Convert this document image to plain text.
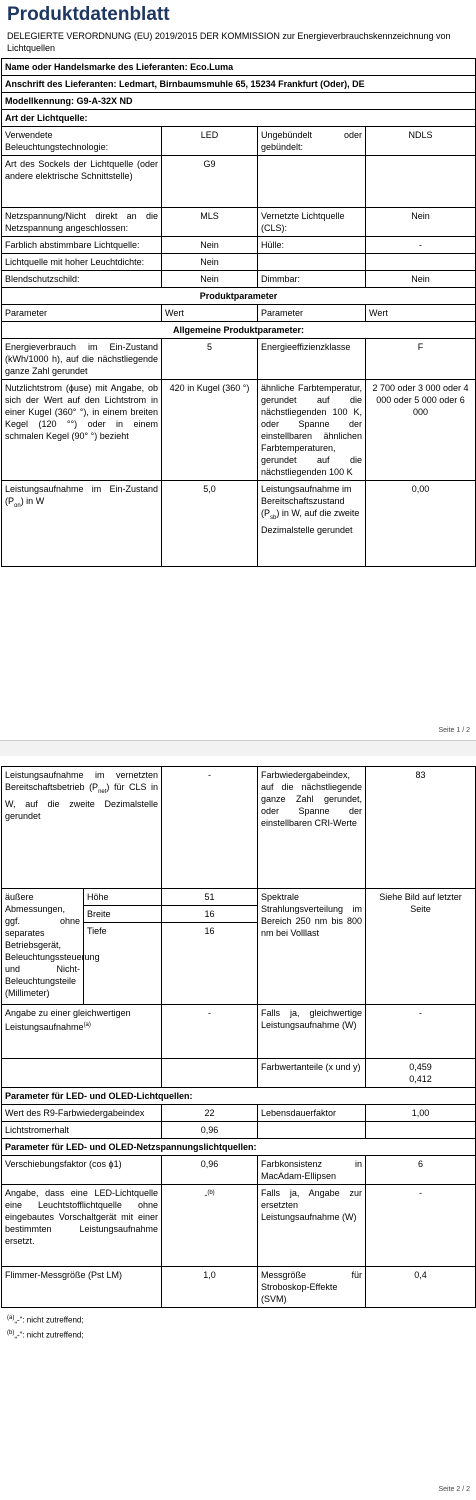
Produktdatenblatt
DELEGIERTE VERORDNUNG (EU) 2019/2015 DER KOMMISSION zur Energieverbrauchskennzeichnung von Lichtquellen
Name oder Handelsmarke des Lieferanten: Eco.Luma			
Anschrift des Lieferanten: Ledmart, Birnbaumsmuhle 65, 15234 Frankfurt (Oder), DE			
Modellkennung: G9-A-32X ND			
Art der Lichtquelle:			
Verwendete Beleuchtungstechnologie:	LED	Ungebündelt oder gebündelt:	NDLS
Art des Sockels der Lichtquelle (oder andere elektrische Schnittstelle)	G9		
Netzspannung/Nicht direkt an die Netzspannung angeschlossen:	MLS	Vernetzte Lichtquelle (CLS):	Nein
Farblich abstimmbare Lichtquelle:	Nein	Hülle:	-
Lichtquelle mit hoher Leuchtdichte:	Nein		
Blendschutzschild:	Nein	Dimmbar:	Nein
Produktparameter			
Parameter	Wert	Parameter	Wert
Allgemeine Produktparameter:			
Energieverbrauch im Ein-Zustand (kWh/1000 h), auf die nächstliegende ganze Zahl gerundet	5	Energieeffizienzklasse	F
Nutzlichtstrom (ϕuse) mit Angabe, ob sich der Wert auf den Lichtstrom in einer Kugel (360° °), in einem breiten Kegel (120 °°) oder in einem schmalen Kegel (90° °) bezieht	420 in Kugel (360 °)	ähnliche Farbtemperatur, gerundet auf die nächstliegenden 100 K, oder Spanne der einstellbaren ähnlichen Farbtemperaturen, gerundet auf die nächstliegenden 100 K	2 700 oder 3 000 oder 4 000 oder 5 000 oder 6 000
Leistungsaufnahme im Ein-Zustand $(P_{on})$ in W	5,0	Leistungsaufnahme im Bereitschaftszustand $(P_{sb})$ in W, auf die zweite Dezimalstelle gerundet	0,00
Seite 1 / 2
Leistungsaufnahme im vernetzten Bereitschaftsbetrieb $(P_{net})$ für CLS in W, auf die zweite Dezimalstelle gerundet		-	Farbwiedergabeindex, auf die nächstliegende ganze Zahl gerundet, oder Spanne der einstellbaren CRI-Werte	83
äußere Abmessungen, ggf. ohne separates Betriebsgerät, Beleuchtungssteuerung und Nicht-Beleuchtungsteile (Millimeter)	Höhe	51	Spektrale Strahlungsverteilung im Bereich 250 nm bis 800 nm bei Volllast	Siehe Bild auf letzter Seite
	Breite	16		
	Tiefe	16		
Angabe zu einer gleichwertigen Leistungsaufnahme$^{(a)}$		-	Falls ja, gleichwertige Leistungsaufnahme (W)	-
			Farbwertanteile (x und y)	0,459
0,412

Parameter für LED- und OLED-Lichtquellen:				
Wert des R9-Farbwiedergabeindex		22	Lebensdauerfaktor	1,00
Lichtstromerhalt		0,96		
Parameter für LED- und OLED-Netzspannungslichtquellen:				
Verschiebungsfaktor (cos ϕ1)		0,96	Farbkonsistenz in MacAdam-Ellipsen	6
Angabe, dass eine LED-Lichtquelle eine Leuchtstofflichtquelle ohne eingebautes Vorschaltgerät mit einer bestimmten Leistungsaufnahme ersetzt.		-$^{(b)}$	Falls ja, Angabe zur ersetzten Leistungsaufnahme (W)	-
Flimmer-Messgröße (Pst LM)		1,0	Messgröße für Stroboskop-Effekte (SVM)	0,4
$^{(a)}$„-“: nicht zutreffend;
$^{(b)}$„-“: nicht zutreffend;
Seite 2 / 2
